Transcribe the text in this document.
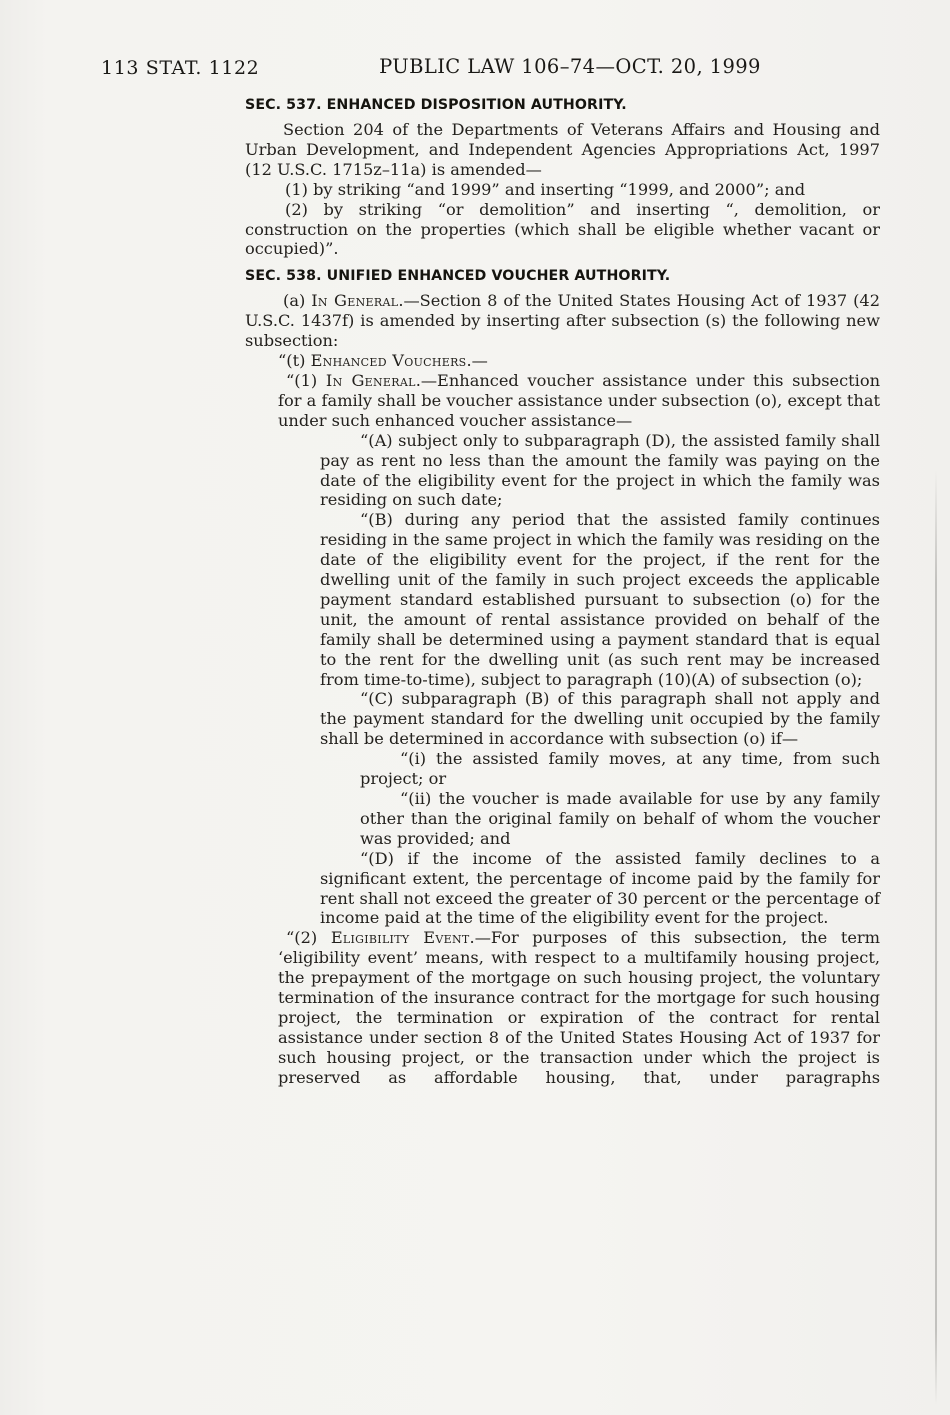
113 STAT. 1122	PUBLIC LAW 106–74—OCT. 20, 1999
SEC. 537. ENHANCED DISPOSITION AUTHORITY.

Section 204 of the Departments of Veterans Affairs and Housing and Urban Development, and Independent Agencies Appropriations Act, 1997 (12 U.S.C. 1715z–11a) is amended—

(1) by striking “and 1999” and inserting “1999, and 2000”; and

(2) by striking “or demolition” and inserting “, demolition, or construction on the properties (which shall be eligible whether vacant or occupied)”.

SEC. 538. UNIFIED ENHANCED VOUCHER AUTHORITY.

(a) In General.—Section 8 of the United States Housing Act of 1937 (42 U.S.C. 1437f) is amended by inserting after subsection (s) the following new subsection:

“(t) Enhanced Vouchers.—

“(1) In General.—Enhanced voucher assistance under this subsection for a family shall be voucher assistance under subsection (o), except that under such enhanced voucher assistance—

“(A) subject only to subparagraph (D), the assisted family shall pay as rent no less than the amount the family was paying on the date of the eligibility event for the project in which the family was residing on such date;

“(B) during any period that the assisted family continues residing in the same project in which the family was residing on the date of the eligibility event for the project, if the rent for the dwelling unit of the family in such project exceeds the applicable payment standard established pursuant to subsection (o) for the unit, the amount of rental assistance provided on behalf of the family shall be determined using a payment standard that is equal to the rent for the dwelling unit (as such rent may be increased from time-to-time), subject to paragraph (10)(A) of subsection (o);

“(C) subparagraph (B) of this paragraph shall not apply and the payment standard for the dwelling unit occupied by the family shall be determined in accordance with subsection (o) if—

“(i) the assisted family moves, at any time, from such project; or

“(ii) the voucher is made available for use by any family other than the original family on behalf of whom the voucher was provided; and

“(D) if the income of the assisted family declines to a significant extent, the percentage of income paid by the family for rent shall not exceed the greater of 30 percent or the percentage of income paid at the time of the eligibility event for the project.

“(2) Eligibility Event.—For purposes of this subsection, the term ‘eligibility event’ means, with respect to a multifamily housing project, the prepayment of the mortgage on such housing project, the voluntary termination of the insurance contract for the mortgage for such housing project, the termination or expiration of the contract for rental assistance under section 8 of the United States Housing Act of 1937 for such housing project, or the transaction under which the project is preserved as affordable housing, that, under paragraphs
